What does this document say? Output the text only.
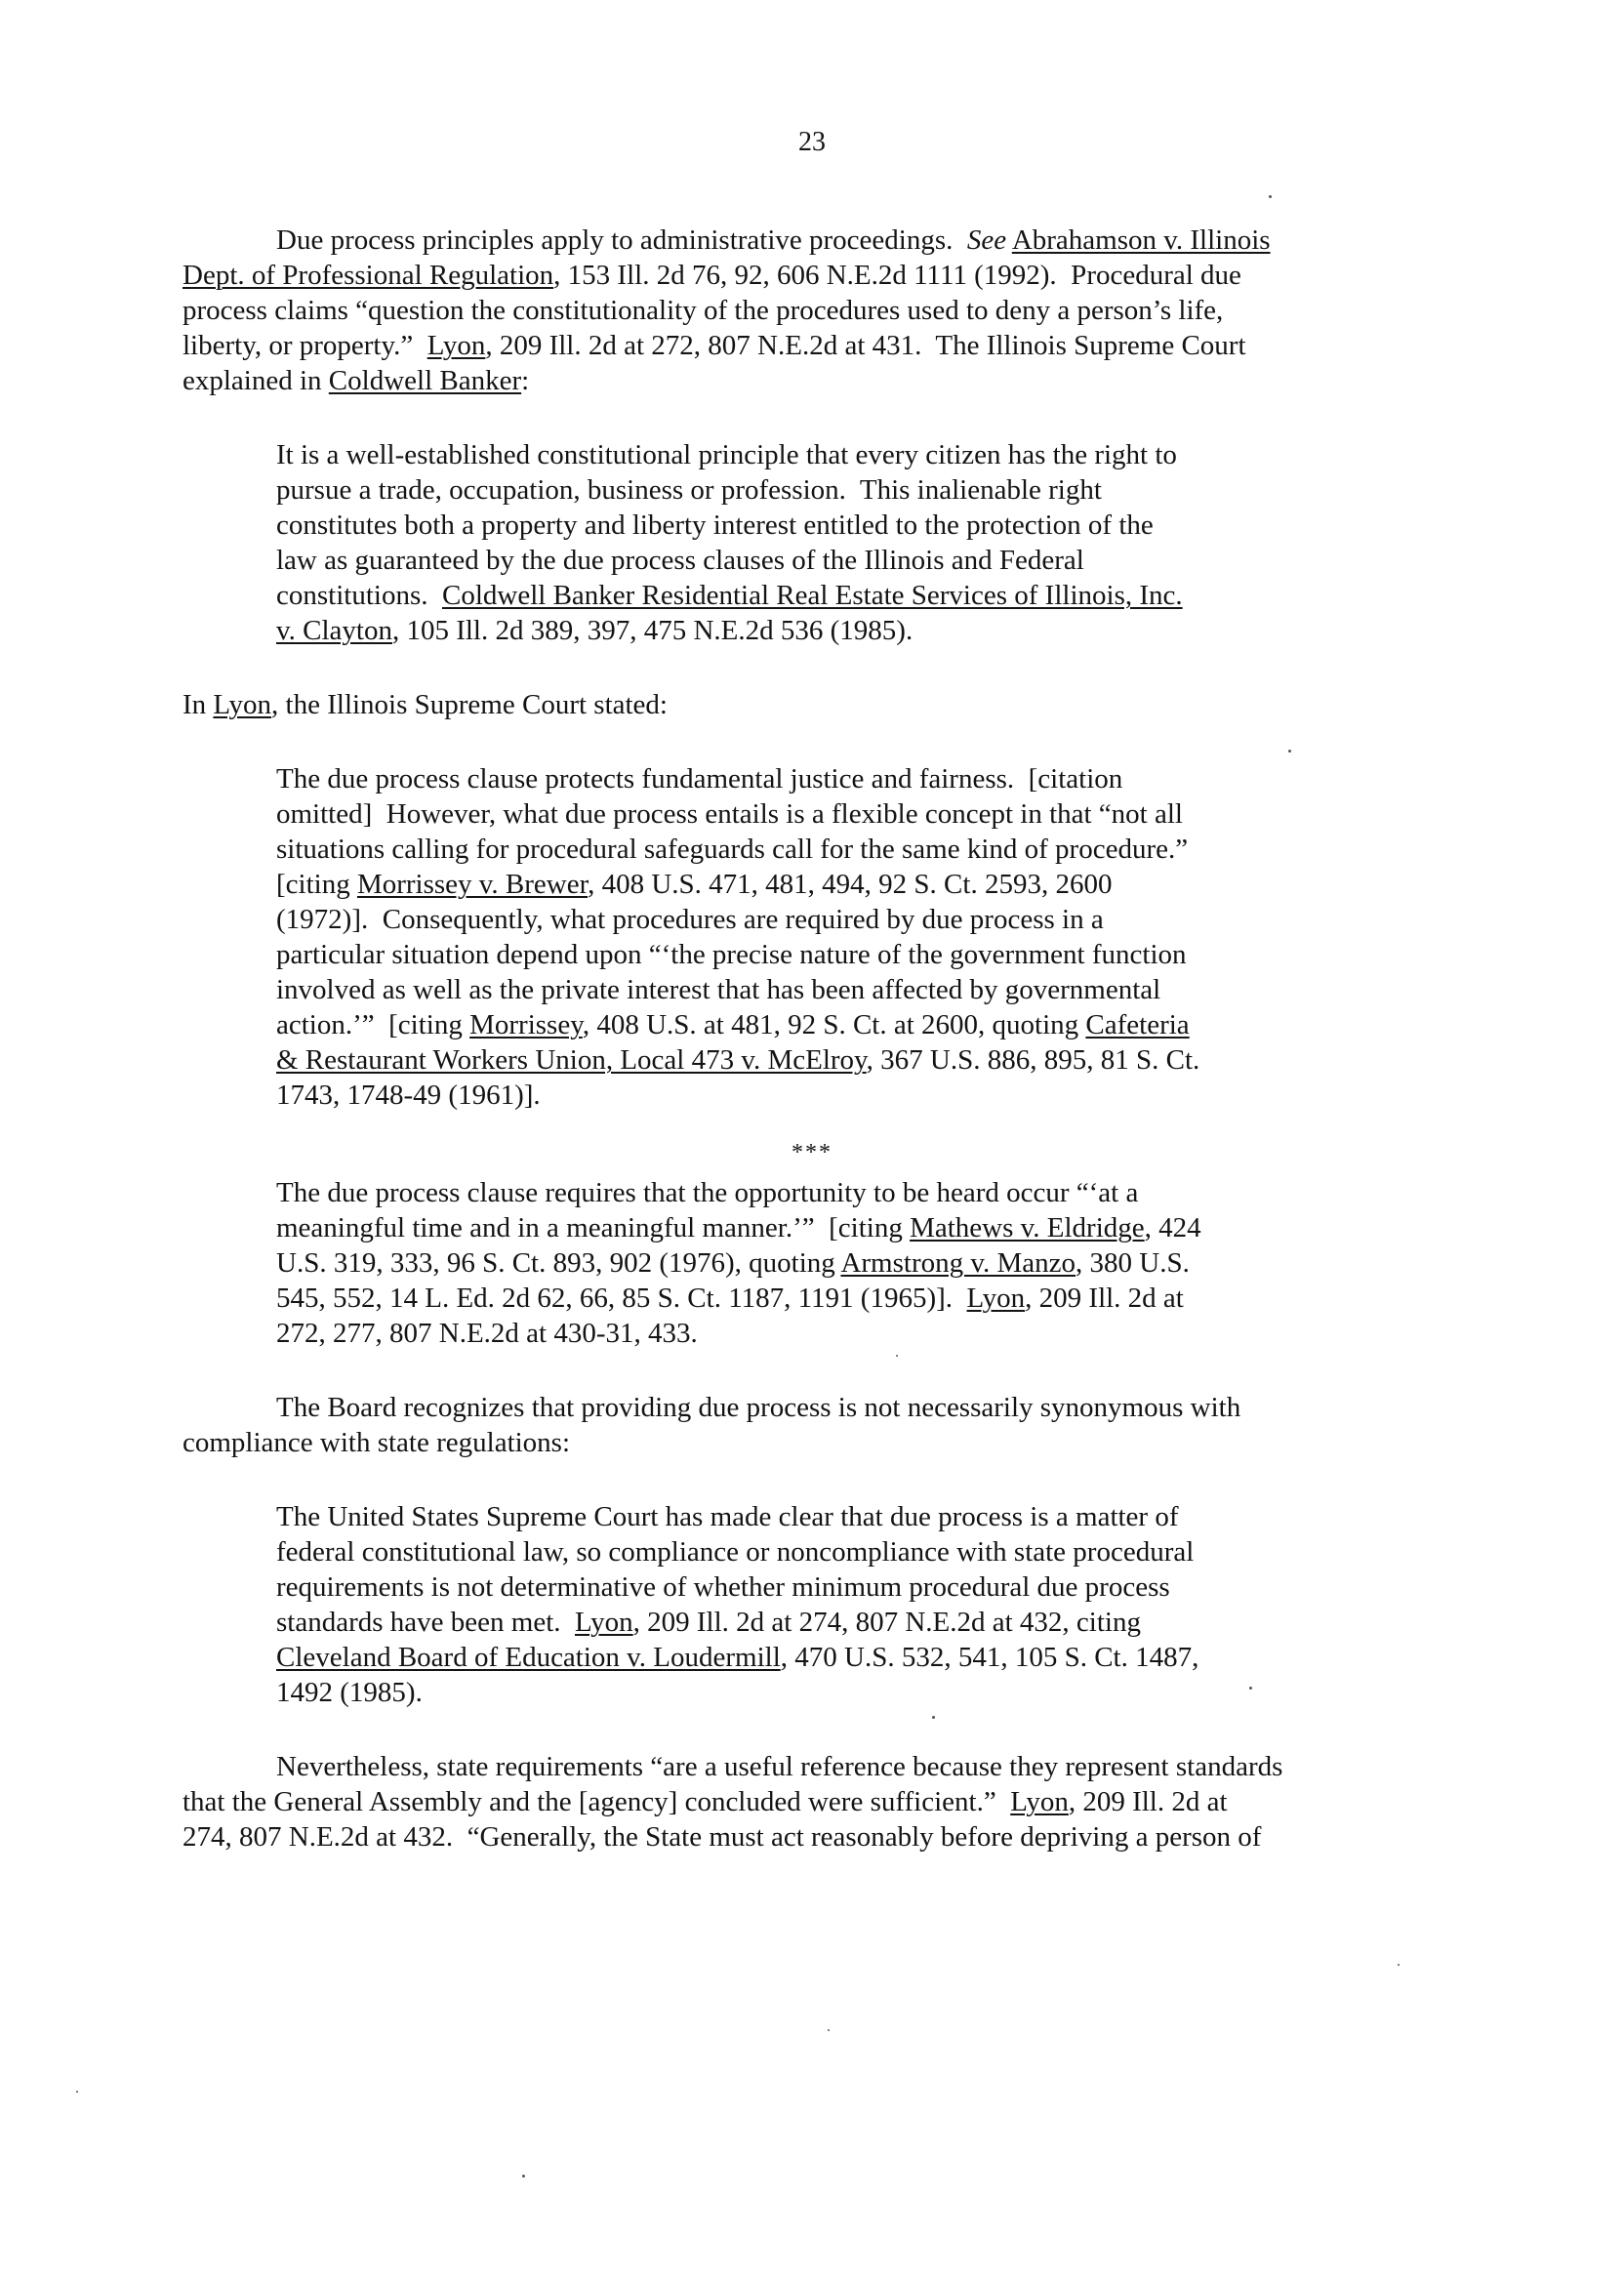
23
Due process principles apply to administrative proceedings.  See Abrahamson v. Illinois
Dept. of Professional Regulation, 153 Ill. 2d 76, 92, 606 N.E.2d 1111 (1992).  Procedural due
process claims “question the constitutionality of the procedures used to deny a person’s life,
liberty, or property.”  Lyon, 209 Ill. 2d at 272, 807 N.E.2d at 431.  The Illinois Supreme Court
explained in Coldwell Banker:
It is a well-established constitutional principle that every citizen has the right to
pursue a trade, occupation, business or profession.  This inalienable right
constitutes both a property and liberty interest entitled to the protection of the
law as guaranteed by the due process clauses of the Illinois and Federal
constitutions.  Coldwell Banker Residential Real Estate Services of Illinois, Inc.
v. Clayton, 105 Ill. 2d 389, 397, 475 N.E.2d 536 (1985).
In Lyon, the Illinois Supreme Court stated:
The due process clause protects fundamental justice and fairness.  [citation
omitted]  However, what due process entails is a flexible concept in that “not all
situations calling for procedural safeguards call for the same kind of procedure.”
[citing Morrissey v. Brewer, 408 U.S. 471, 481, 494, 92 S. Ct. 2593, 2600
(1972)].  Consequently, what procedures are required by due process in a
particular situation depend upon “‘the precise nature of the government function
involved as well as the private interest that has been affected by governmental
action.’”  [citing Morrissey, 408 U.S. at 481, 92 S. Ct. at 2600, quoting Cafeteria
& Restaurant Workers Union, Local 473 v. McElroy, 367 U.S. 886, 895, 81 S. Ct.
1743, 1748-49 (1961)].
The due process clause requires that the opportunity to be heard occur “‘at a
meaningful time and in a meaningful manner.’”  [citing Mathews v. Eldridge, 424
U.S. 319, 333, 96 S. Ct. 893, 902 (1976), quoting Armstrong v. Manzo, 380 U.S.
545, 552, 14 L. Ed. 2d 62, 66, 85 S. Ct. 1187, 1191 (1965)].  Lyon, 209 Ill. 2d at
272, 277, 807 N.E.2d at 430-31, 433.
The Board recognizes that providing due process is not necessarily synonymous with
compliance with state regulations:
The United States Supreme Court has made clear that due process is a matter of
federal constitutional law, so compliance or noncompliance with state procedural
requirements is not determinative of whether minimum procedural due process
standards have been met.  Lyon, 209 Ill. 2d at 274, 807 N.E.2d at 432, citing
Cleveland Board of Education v. Loudermill, 470 U.S. 532, 541, 105 S. Ct. 1487,
1492 (1985).
Nevertheless, state requirements “are a useful reference because they represent standards
that the General Assembly and the [agency] concluded were sufficient.”  Lyon, 209 Ill. 2d at
274, 807 N.E.2d at 432.  “Generally, the State must act reasonably before depriving a person of
***
